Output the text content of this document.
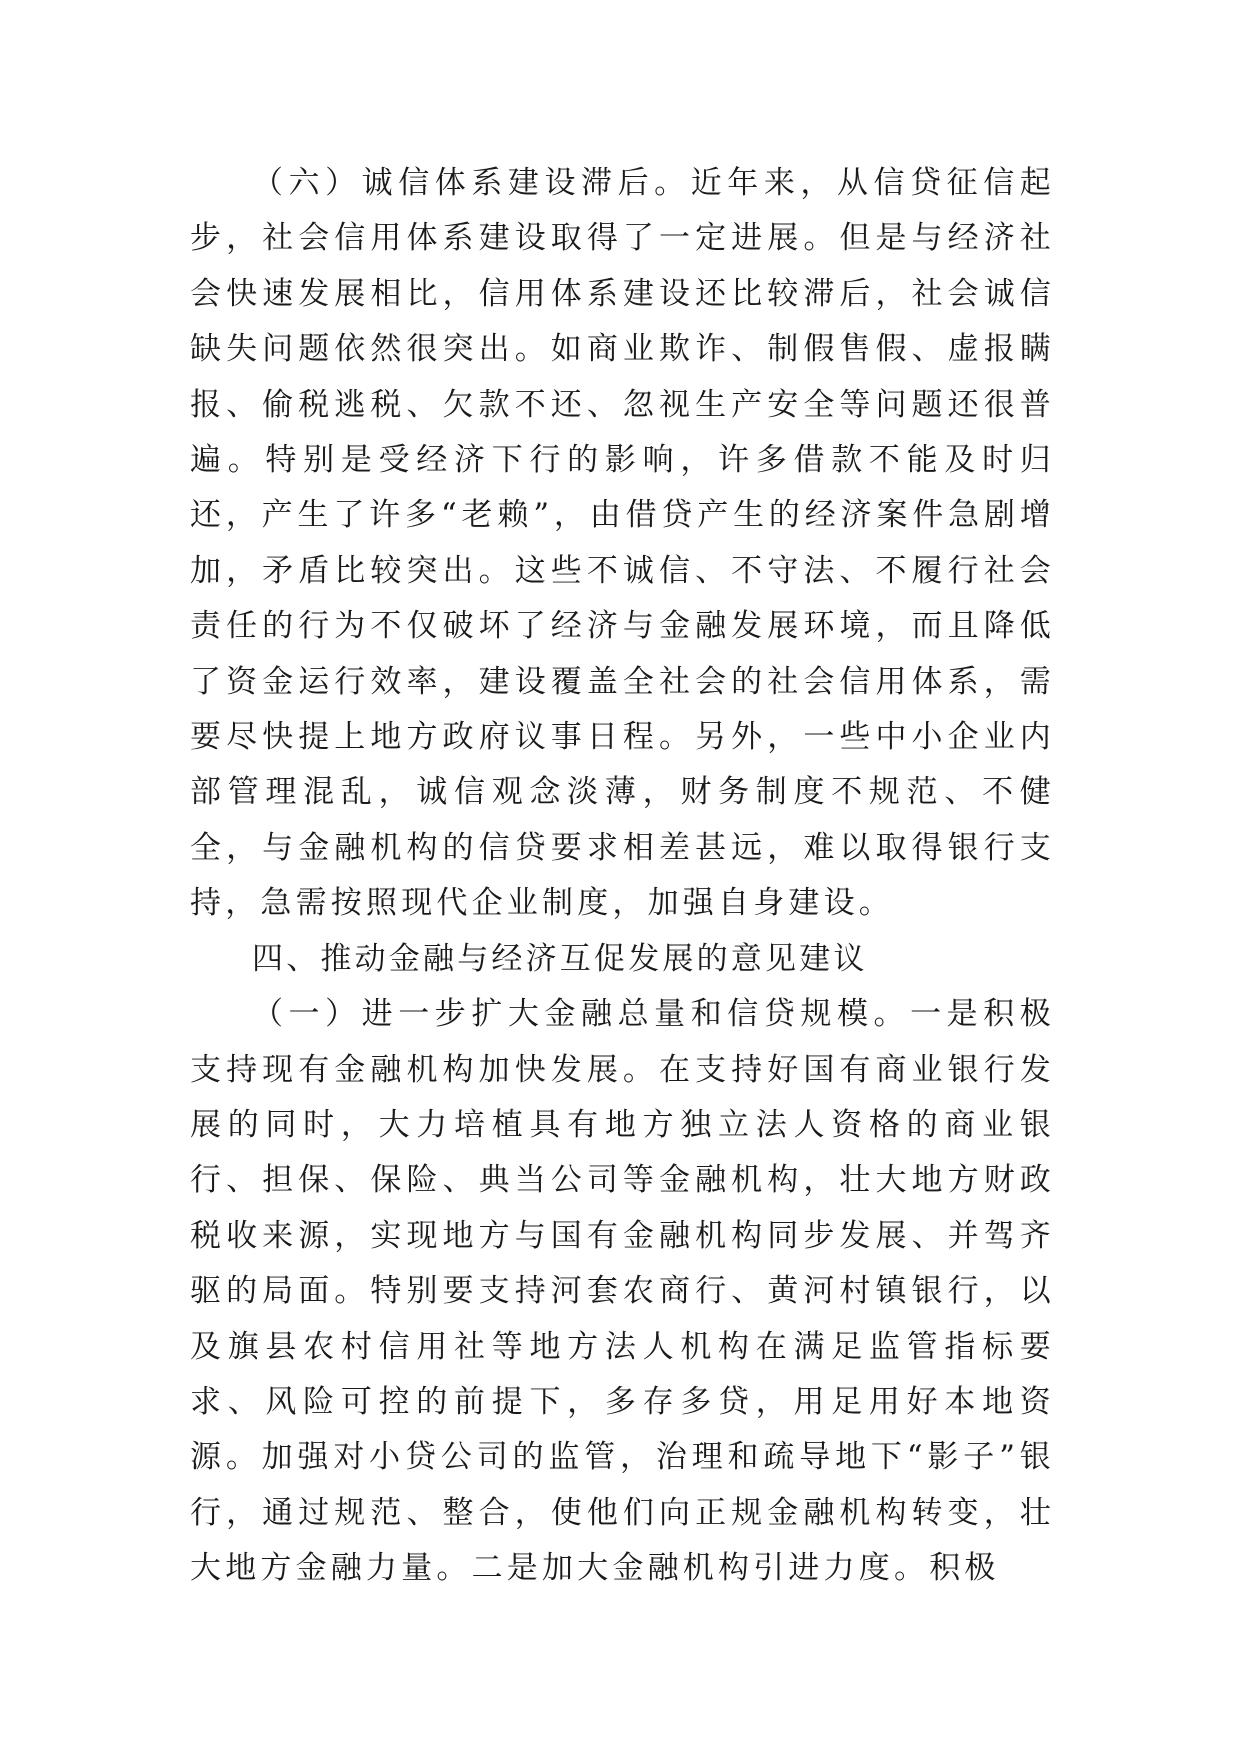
（六）诚信体系建设滞后。近年来，从信贷征信起步，社会信用体系建设取得了一定进展。但是与经济社会快速发展相比，信用体系建设还比较滞后，社会诚信缺失问题依然很突出。如商业欺诈、制假售假、虚报瞒报、偷税逃税、欠款不还、忽视生产安全等问题还很普遍。特别是受经济下行的影响，许多借款不能及时归还，产生了许多“老赖”，由借贷产生的经济案件急剧增加，矛盾比较突出。这些不诚信、不守法、不履行社会责任的行为不仅破坏了经济与金融发展环境，而且降低了资金运行效率，建设覆盖全社会的社会信用体系，需要尽快提上地方政府议事日程。另外，一些中小企业内部管理混乱，诚信观念淡薄，财务制度不规范、不健全，与金融机构的信贷要求相差甚远，难以取得银行支持，急需按照现代企业制度，加强自身建设。

四、推动金融与经济互促发展的意见建议

（一）进一步扩大金融总量和信贷规模。一是积极支持现有金融机构加快发展。在支持好国有商业银行发展的同时，大力培植具有地方独立法人资格的商业银行、担保、保险、典当公司等金融机构，壮大地方财政税收来源，实现地方与国有金融机构同步发展、并驾齐驱的局面。特别要支持河套农商行、黄河村镇银行，以及旗县农村信用社等地方法人机构在满足监管指标要求、风险可控的前提下，多存多贷，用足用好本地资源。加强对小贷公司的监管，治理和疏导地下“影子”银行，通过规范、整合，使他们向正规金融机构转变，壮大地方金融力量。二是加大金融机构引进力度。积极
